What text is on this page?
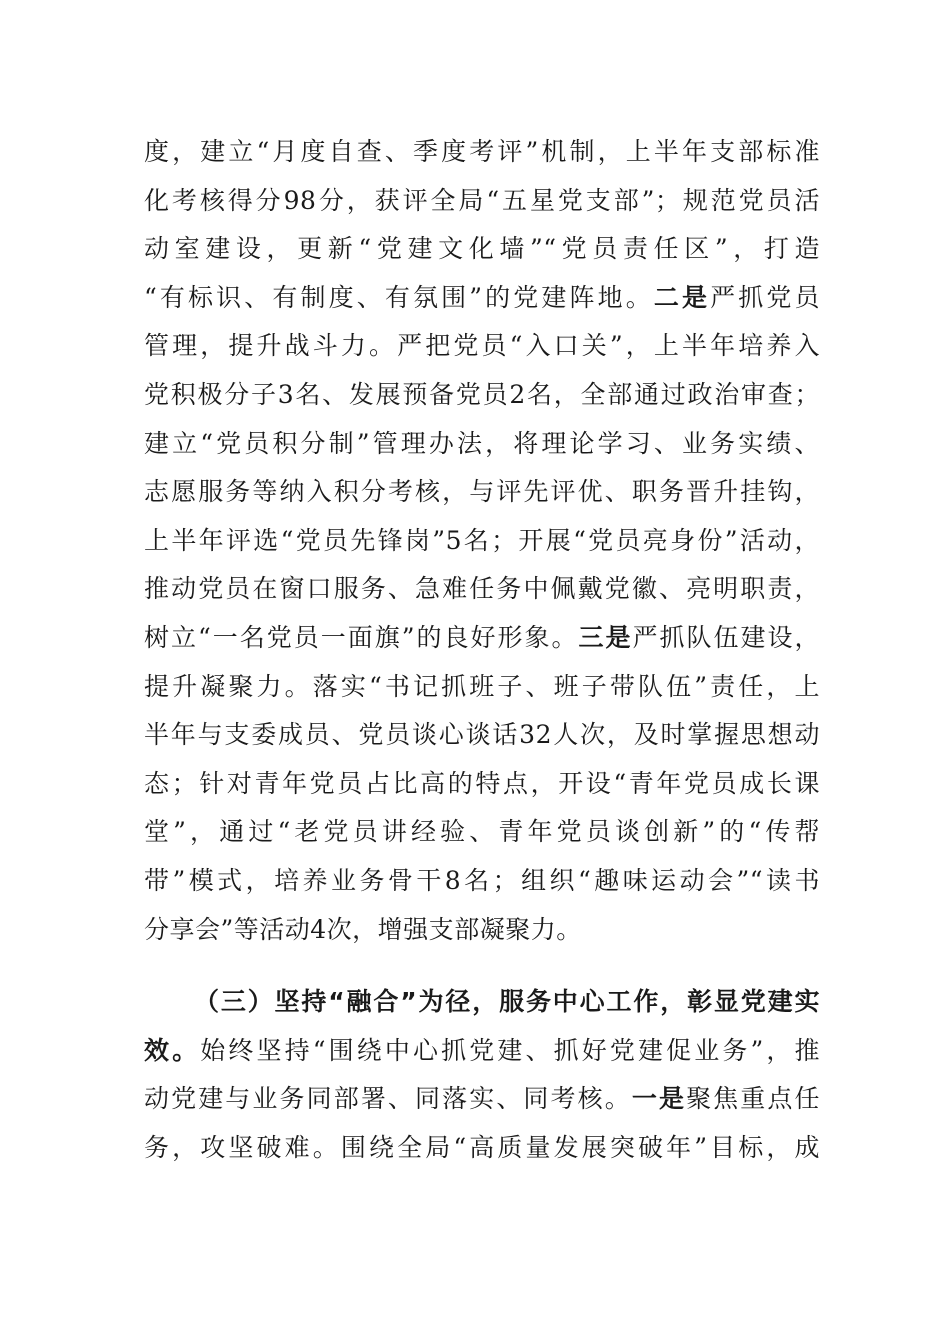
度，建立“月度自查、季度考评”机制，上半年支部标准
化考核得分98分，获评全局“五星党支部”；规范党员活
动室建设，更新“党建文化墙”“党员责任区”，打造
“有标识、有制度、有氛围”的党建阵地。二是严抓党员
管理，提升战斗力。严把党员“入口关”，上半年培养入
党积极分子3名、发展预备党员2名，全部通过政治审查；
建立“党员积分制”管理办法，将理论学习、业务实绩、
志愿服务等纳入积分考核，与评先评优、职务晋升挂钩，
上半年评选“党员先锋岗”5名；开展“党员亮身份”活动，
推动党员在窗口服务、急难任务中佩戴党徽、亮明职责，
树立“一名党员一面旗”的良好形象。三是严抓队伍建设，
提升凝聚力。落实“书记抓班子、班子带队伍”责任，上
半年与支委成员、党员谈心谈话32人次，及时掌握思想动
态；针对青年党员占比高的特点，开设“青年党员成长课
堂”，通过“老党员讲经验、青年党员谈创新”的“传帮
带”模式，培养业务骨干8名；组织“趣味运动会”“读书
分享会”等活动4次，增强支部凝聚力。
（三）坚持“融合”为径，服务中心工作，彰显党建实
效。始终坚持“围绕中心抓党建、抓好党建促业务”，推
动党建与业务同部署、同落实、同考核。一是聚焦重点任
务，攻坚破难。围绕全局“高质量发展突破年”目标，成
